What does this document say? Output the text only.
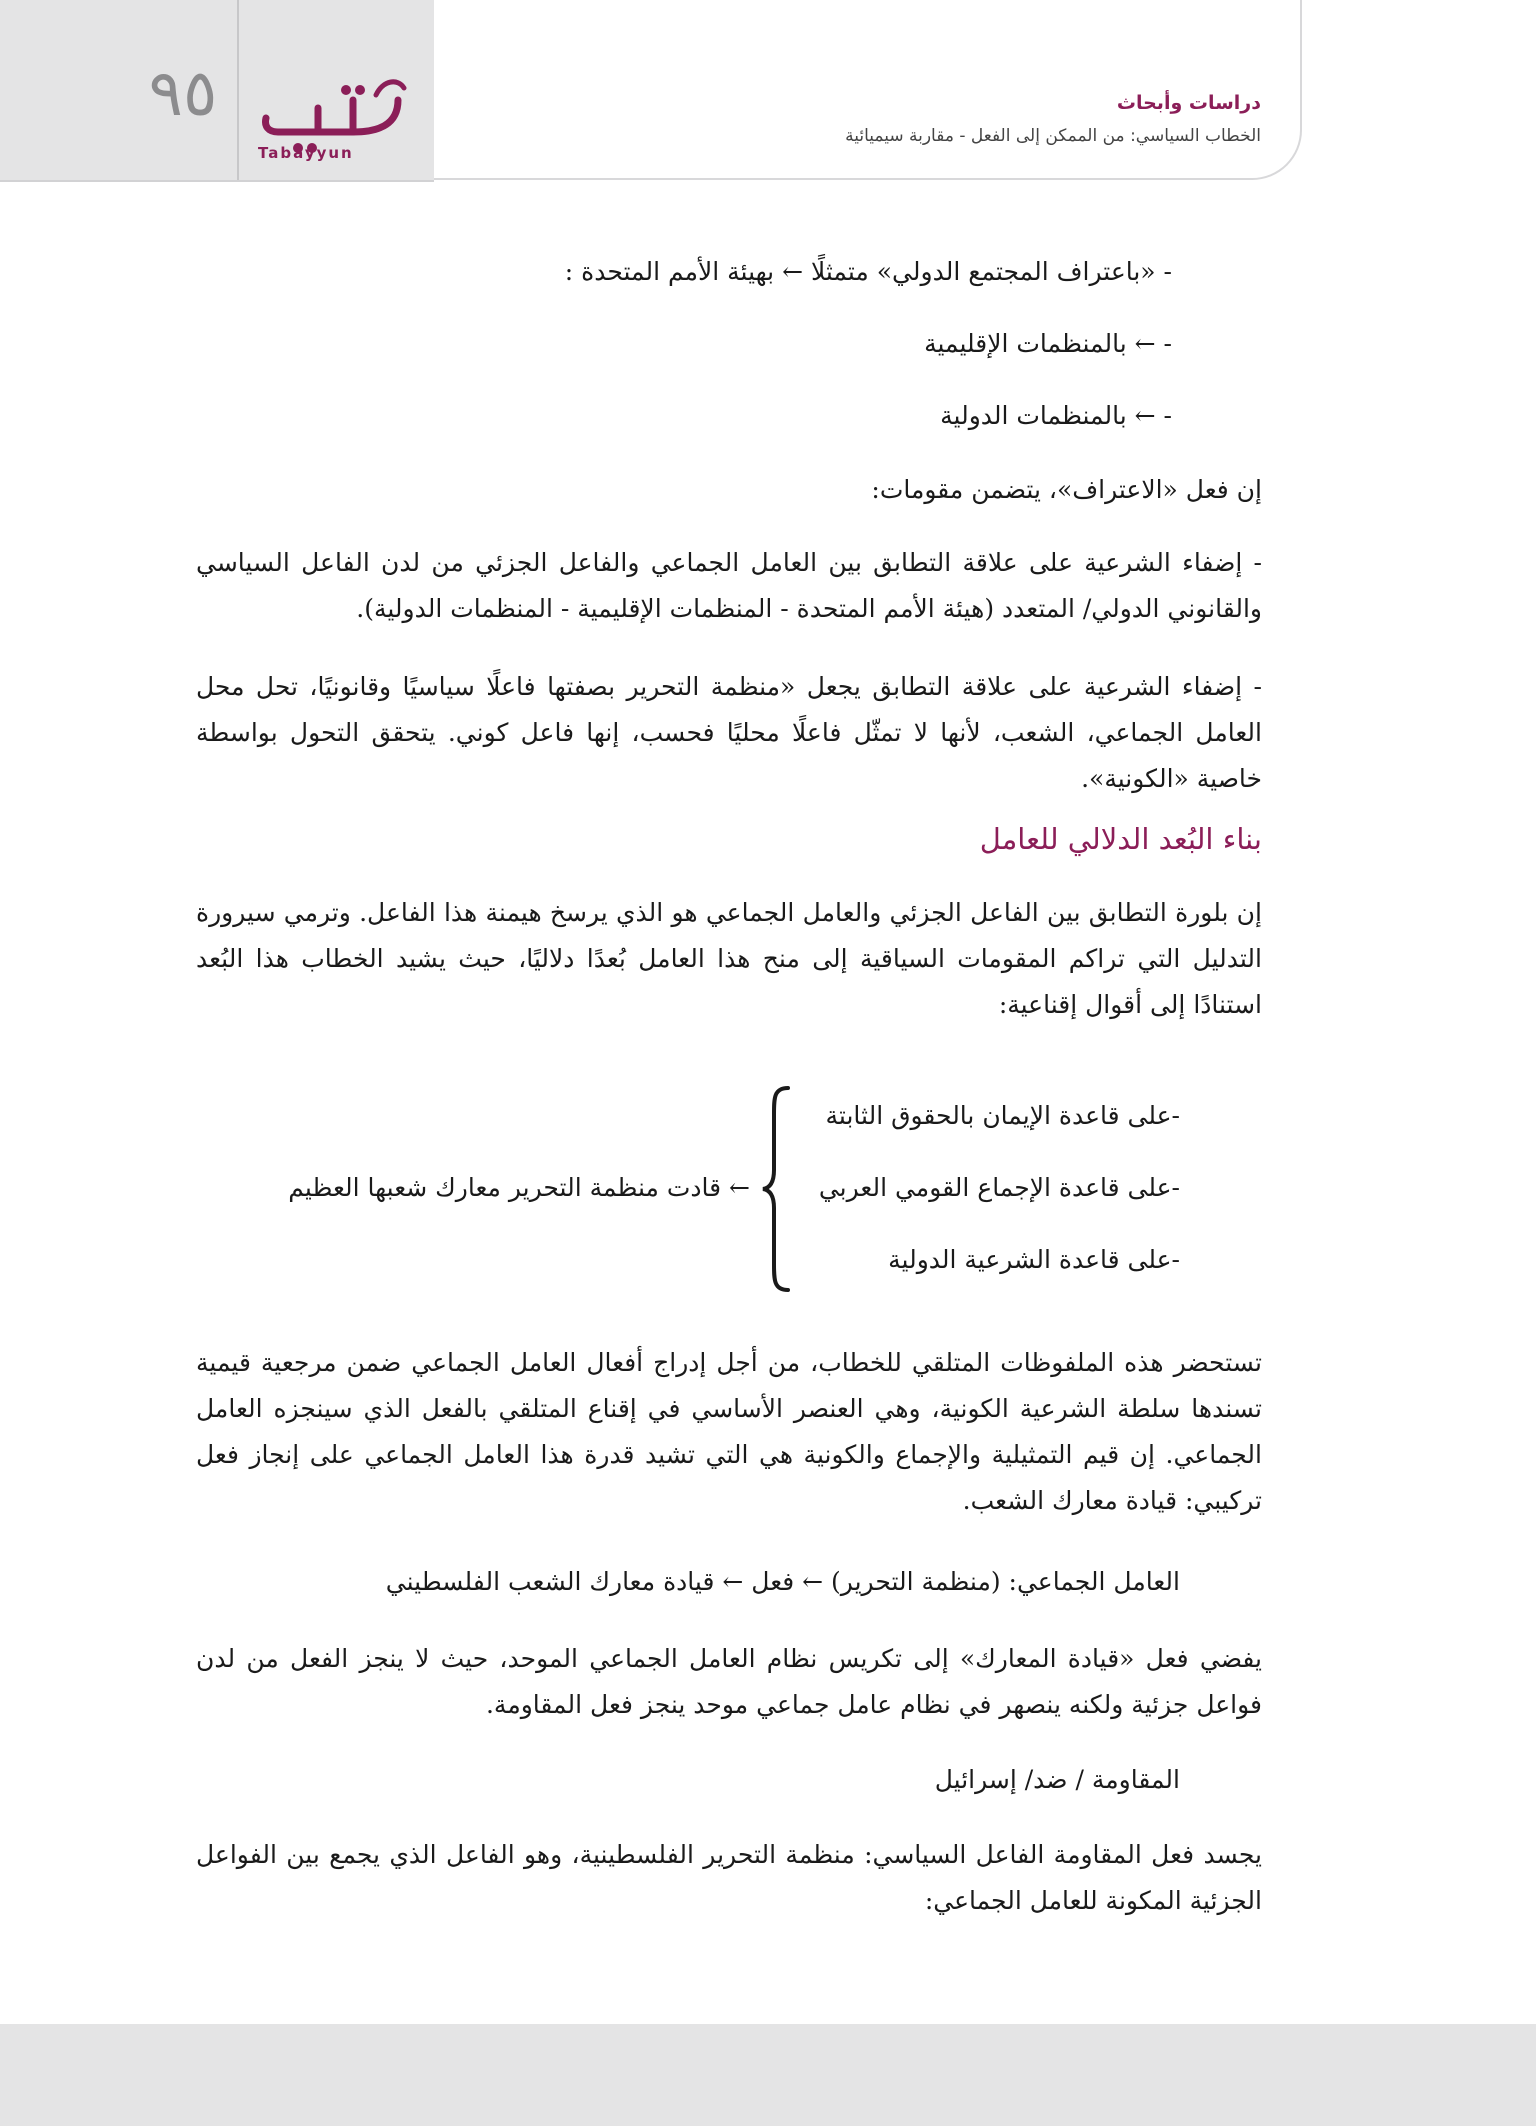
٩٥
Tabayyun
دراسات وأبحاث
الخطاب السياسي: من الممكن إلى الفعل - مقاربة سيميائية
- «باعتراف المجتمع الدولي» متمثلًا ← بهيئة الأمم المتحدة :
- ← بالمنظمات الإقليمية
- ← بالمنظمات الدولية
إن فعل «الاعتراف»، يتضمن مقومات:
- إضفاء الشرعية على علاقة التطابق بين العامل الجماعي والفاعل الجزئي من لدن الفاعل السياسي والقانوني الدولي/ المتعدد (هيئة الأمم المتحدة - المنظمات الإقليمية - المنظمات الدولية).
- إضفاء الشرعية على علاقة التطابق يجعل «منظمة التحرير بصفتها فاعلًا سياسيًا وقانونيًا، تحل محل العامل الجماعي، الشعب، لأنها لا تمثّل فاعلًا محليًا فحسب، إنها فاعل كوني. يتحقق التحول بواسطة خاصية «الكونية».
بناء البُعد الدلالي للعامل
إن بلورة التطابق بين الفاعل الجزئي والعامل الجماعي هو الذي يرسخ هيمنة هذا الفاعل. وترمي سيرورة التدليل التي تراكم المقومات السياقية إلى منح هذا العامل بُعدًا دلاليًا، حيث يشيد الخطاب هذا البُعد استنادًا إلى أقوال إقناعية:
-على قاعدة الإيمان بالحقوق الثابتة
-على قاعدة الإجماع القومي العربي
-على قاعدة الشرعية الدولية
← قادت منظمة التحرير معارك شعبها العظيم
تستحضر هذه الملفوظات المتلقي للخطاب، من أجل إدراج أفعال العامل الجماعي ضمن مرجعية قيمية تسندها سلطة الشرعية الكونية، وهي العنصر الأساسي في إقناع المتلقي بالفعل الذي سينجزه العامل الجماعي. إن قيم التمثيلية والإجماع والكونية هي التي تشيد قدرة هذا العامل الجماعي على إنجاز فعل تركيبي: قيادة معارك الشعب.
العامل الجماعي: (منظمة التحرير) ← فعل ← قيادة معارك الشعب الفلسطيني
يفضي فعل «قيادة المعارك» إلى تكريس نظام العامل الجماعي الموحد، حيث لا ينجز الفعل من لدن فواعل جزئية ولكنه ينصهر في نظام عامل جماعي موحد ينجز فعل المقاومة.
المقاومة / ضد/ إسرائيل
يجسد فعل المقاومة الفاعل السياسي: منظمة التحرير الفلسطينية، وهو الفاعل الذي يجمع بين الفواعل الجزئية المكونة للعامل الجماعي:
